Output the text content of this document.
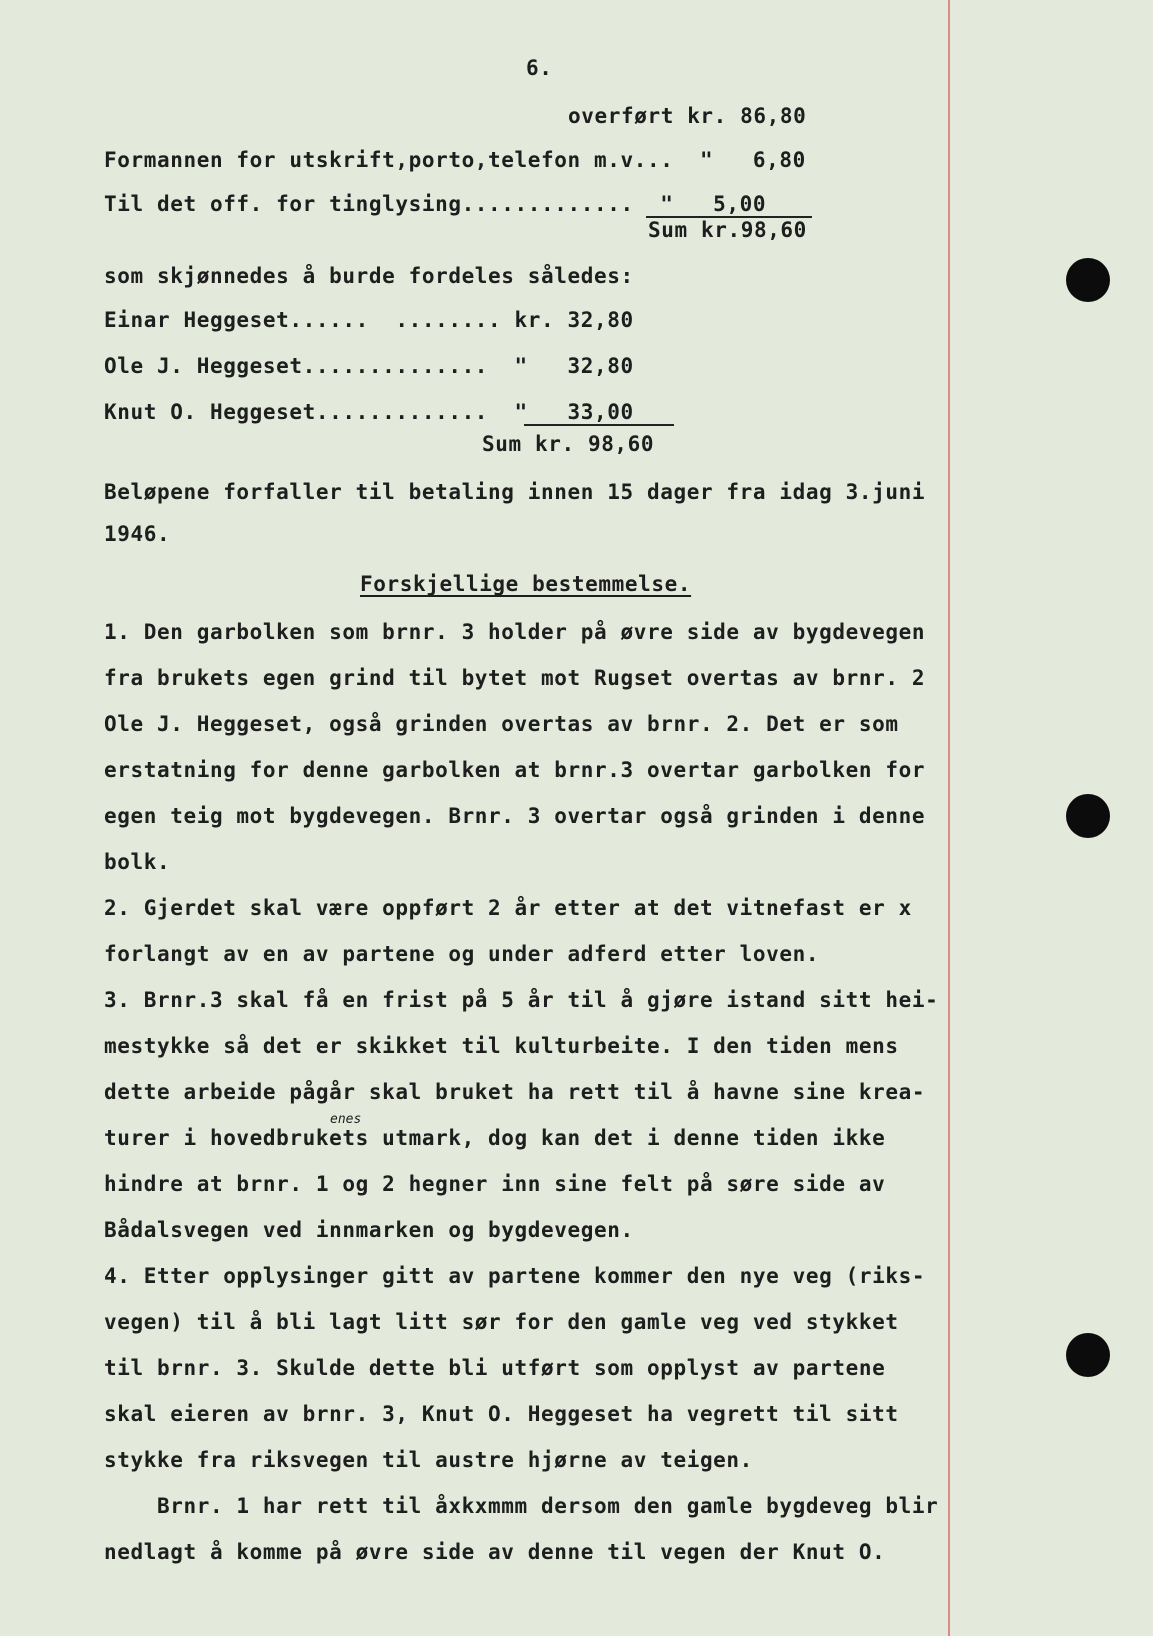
6.
overført kr. 86,80
Formannen for utskrift,porto,telefon m.v...  "   6,80
Til det off. for tinglysing.............  "   5,00
Sum kr.98,60
som skjønnedes å burde fordeles således:
Einar Heggeset......  ........ kr. 32,80
Ole J. Heggeset..............  "   32,80
Knut O. Heggeset.............  "   33,00
Sum kr. 98,60
Beløpene forfaller til betaling innen 15 dager fra idag 3.juni
1946.
Forskjellige bestemmelse.
1. Den garbolken som brnr. 3 holder på øvre side av bygdevegen
fra brukets egen grind til bytet mot Rugset overtas av brnr. 2
Ole J. Heggeset, også grinden overtas av brnr. 2. Det er som
erstatning for denne garbolken at brnr.3 overtar garbolken for
egen teig mot bygdevegen. Brnr. 3 overtar også grinden i denne
bolk.
2. Gjerdet skal være oppført 2 år etter at det vitnefast er x
forlangt av en av partene og under adferd etter loven.
3. Brnr.3 skal få en frist på 5 år til å gjøre istand sitt hei-
mestykke så det er skikket til kulturbeite. I den tiden mens
dette arbeide pågår skal bruket ha rett til å havne sine krea-
enes
turer i hovedbrukets utmark, dog kan det i denne tiden ikke
hindre at brnr. 1 og 2 hegner inn sine felt på søre side av
Bådalsvegen ved innmarken og bygdevegen.
4. Etter opplysinger gitt av partene kommer den nye veg (riks-
vegen) til å bli lagt litt sør for den gamle veg ved stykket
til brnr. 3. Skulde dette bli utført som opplyst av partene
skal eieren av brnr. 3, Knut O. Heggeset ha vegrett til sitt
stykke fra riksvegen til austre hjørne av teigen.
Brnr. 1 har rett til åxkxmmm dersom den gamle bygdeveg blir
nedlagt å komme på øvre side av denne til vegen der Knut O.
